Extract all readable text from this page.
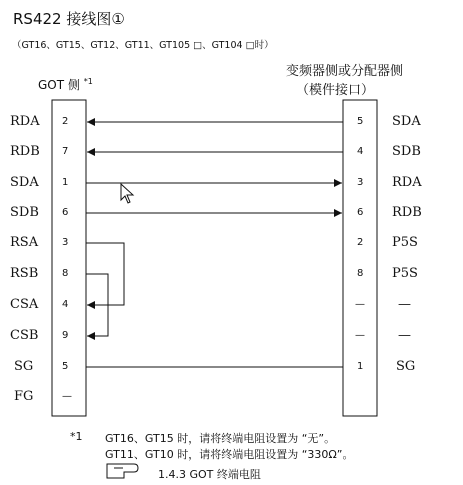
RS422 接线图①
（GT16、GT15、GT12、GT11、GT105 □、GT104 □时）
GOT 侧 $^{*1}$
变频器侧或分配器侧
（模件接口）
RDA
RDB
SDA
SDB
RSA
RSB
CSA
CSB
SG
FG
2
7
1
6
3
8
4
9
5
—
5
4
3
6
2
8
—
—
1
SDA
SDB
RDA
RDB
P5S
P5S
—
—
SG
*1 GT16、GT15 时，请将终端电阻设置为 “无”。
GT11、GT10 时，请将终端电阻设置为 “330Ω”。
1.4.3 GOT 终端电阻
